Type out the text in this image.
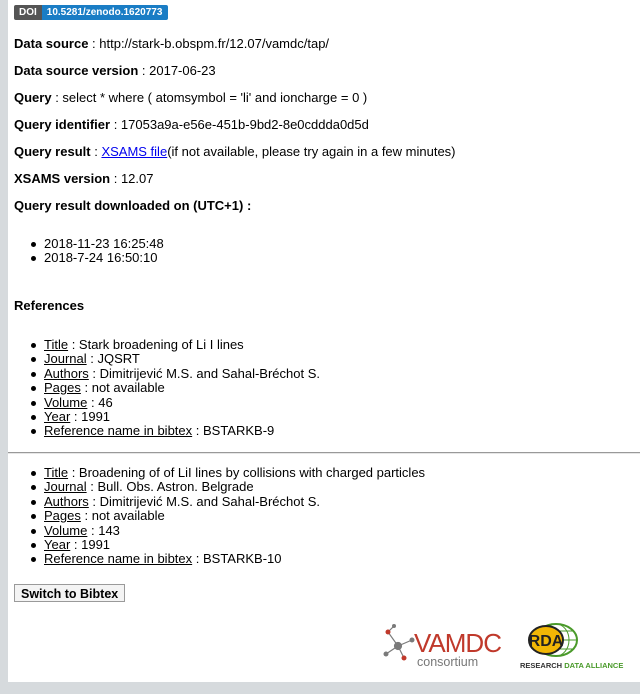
DOI	10.5281/zenodo.1620773
Data source : http://stark-b.obspm.fr/12.07/vamdc/tap/
Data source version : 2017-06-23
Query : select * where ( atomsymbol = 'li' and ioncharge = 0 )
Query identifier : 17053a9a-e56e-451b-9bd2-8e0cddda0d5d
Query result : XSAMS file(if not available, please try again in a few minutes)
XSAMS version : 12.07
Query result downloaded on (UTC+1) :
2018-11-23 16:25:48
2018-7-24 16:50:10
References
Title : Stark broadening of Li I lines
Journal : JQSRT
Authors : Dimitrijević M.S. and Sahal-Bréchot S.
Pages : not available
Volume : 46
Year : 1991
Reference name in bibtex : BSTARKB-9
Title : Broadening of of LiI lines by collisions with charged particles
Journal : Bull. Obs. Astron. Belgrade
Authors : Dimitrijević M.S. and Sahal-Bréchot S.
Pages : not available
Volume : 143
Year : 1991
Reference name in bibtex : BSTARKB-10
Switch to Bibtex
VAMDC
consortium
RDA
RESEARCH DATA ALLIANCE
